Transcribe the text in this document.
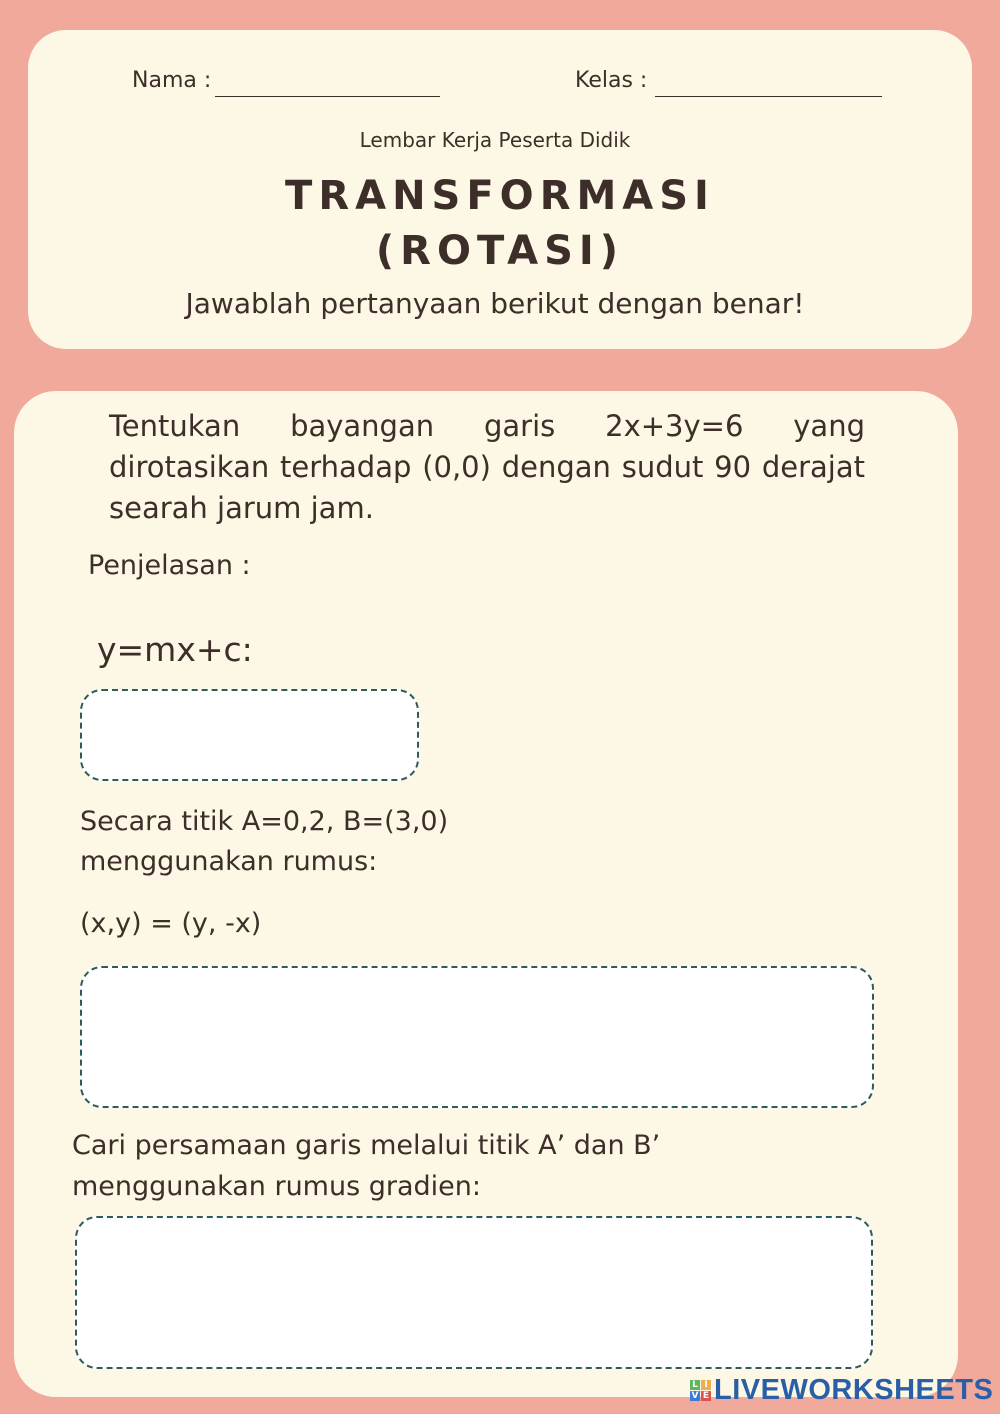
Nama :	Kelas :
Lembar Kerja Peserta Didik
TRANSFORMASI
(ROTASI)
Jawablah pertanyaan berikut dengan benar!
Tentukan bayangan garis 2x+3y=6 yang dirotasikan terhadap (0,0) dengan sudut 90 derajat searah jarum jam.
Penjelasan :
y=mx+c:
Secara titik A=0,2, B=(3,0)
menggunakan rumus:
(x,y) = (y, -x)
Cari persamaan garis melalui titik A’ dan B’
menggunakan rumus gradien:
L I
V E LIVEWORKSHEETS
